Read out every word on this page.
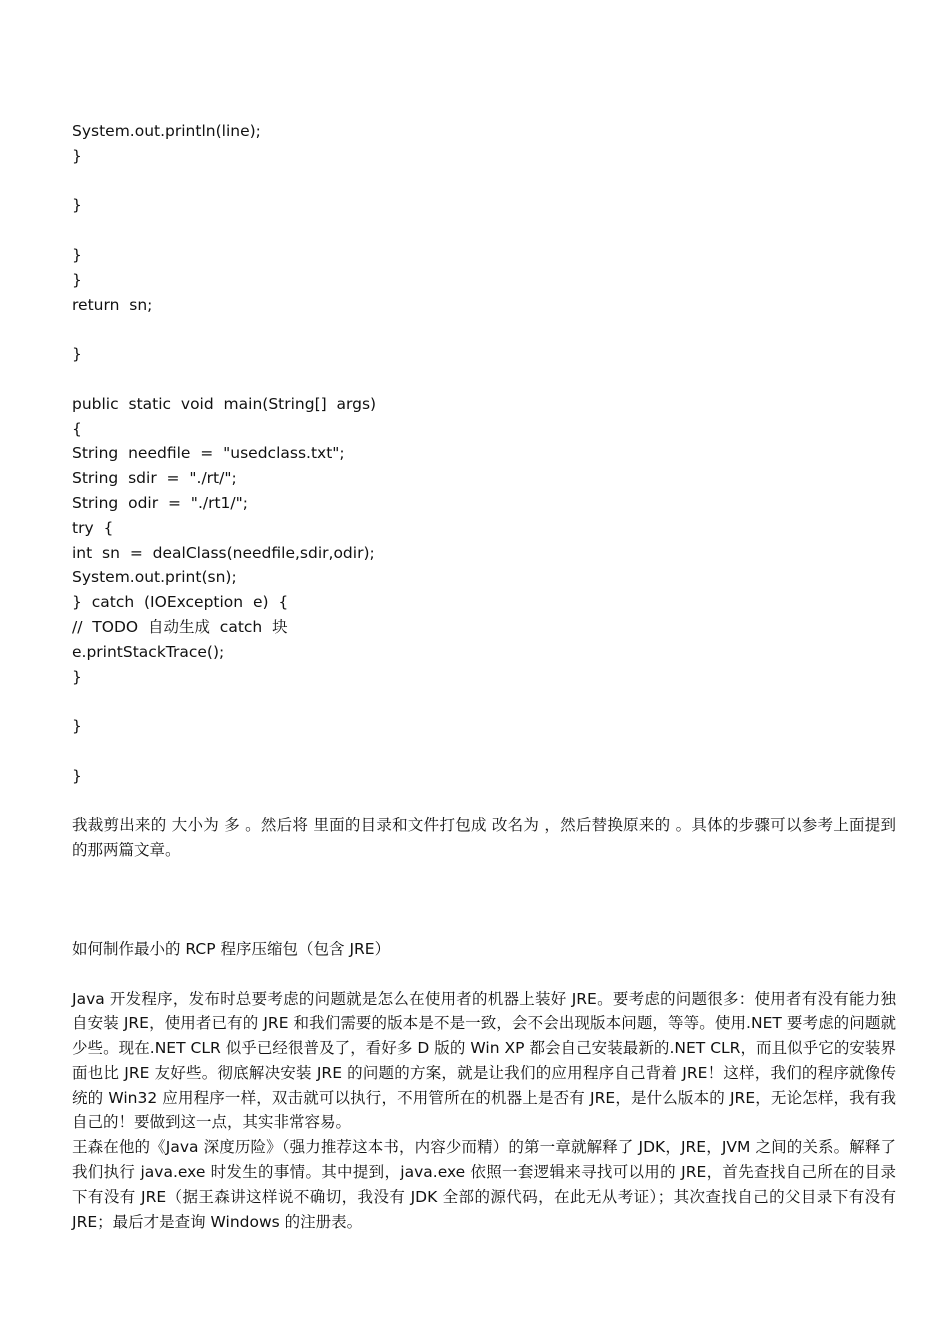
System.out.println(line);
}
}
}
}
return  sn;
}
public  static  void  main(String[]  args)
{
String  needfile  =  "usedclass.txt";
String  sdir  =  "./rt/";
String  odir  =  "./rt1/";
try  {
int  sn  =  dealClass(needfile,sdir,odir);
System.out.print(sn);
}  catch  (IOException  e)  {
//  TODO  自动生成  catch  块
e.printStackTrace();
}
}
}
我裁剪出来的 大小为 多 。然后将 里面的目录和文件打包成 改名为 ，然后替换原来的 。具体的步骤可以参考上面提到的那两篇文章。
如何制作最小的 RCP 程序压缩包（包含 JRE）
Java 开发程序，发布时总要考虑的问题就是怎么在使用者的机器上装好 JRE。要考虑的问题很多：使用者有没有能力独自安装 JRE，使用者已有的 JRE 和我们需要的版本是不是一致，会不会出现版本问题，等等。使用.NET 要考虑的问题就少些。现在.NET CLR 似乎已经很普及了，看好多 D 版的 Win XP 都会自己安装最新的.NET CLR，而且似乎它的安装界面也比 JRE 友好些。彻底解决安装 JRE 的问题的方案，就是让我们的应用程序自己背着 JRE！这样，我们的程序就像传统的 Win32 应用程序一样，双击就可以执行，不用管所在的机器上是否有 JRE，是什么版本的 JRE，无论怎样，我有我自己的！要做到这一点，其实非常容易。
王森在他的《Java 深度历险》（强力推荐这本书，内容少而精）的第一章就解释了 JDK，JRE，JVM 之间的关系。解释了我们执行 java.exe 时发生的事情。其中提到，java.exe 依照一套逻辑来寻找可以用的 JRE，首先查找自己所在的目录下有没有 JRE（据王森讲这样说不确切，我没有 JDK 全部的源代码，在此无从考证）；其次查找自己的父目录下有没有 JRE；最后才是查询 Windows 的注册表。
